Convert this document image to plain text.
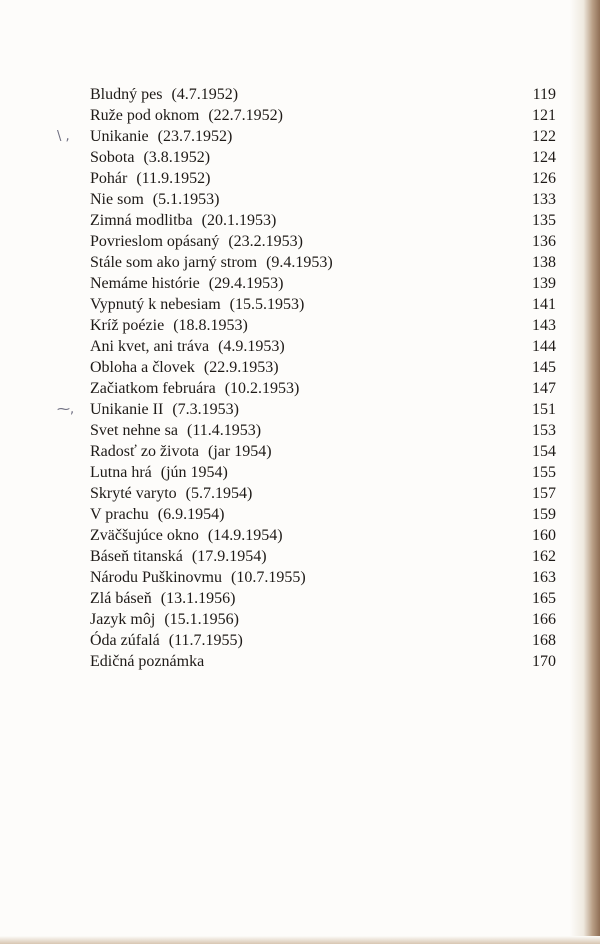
Bludný pes (4.7.1952)	119
Ruže pod oknom (22.7.1952)	121
\ , Unikanie (23.7.1952)	122
Sobota (3.8.1952)	124
Pohár (11.9.1952)	126
Nie som (5.1.1953)	133
Zimná modlitba (20.1.1953)	135
Povrieslom opásaný (23.2.1953)	136
Stále som ako jarný strom (9.4.1953)	138
Nemáme histórie (29.4.1953)	139
Vypnutý k nebesiam (15.5.1953)	141
Kríž poézie (18.8.1953)	143
Ani kvet, ani tráva (4.9.1953)	144
Obloha a človek (22.9.1953)	145
Začiatkom februára (10.2.1953)	147
⁓, Unikanie II (7.3.1953)	151
Svet nehne sa (11.4.1953)	153
Radosť zo života (jar 1954)	154
Lutna hrá (jún 1954)	155
Skryté varyto (5.7.1954)	157
V prachu (6.9.1954)	159
Zväčšujúce okno (14.9.1954)	160
Báseň titanská (17.9.1954)	162
Národu Puškinovmu (10.7.1955)	163
Zlá báseň (13.1.1956)	165
Jazyk môj (15.1.1956)	166
Óda zúfalá (11.7.1955)	168
Edičná poznámka	170
